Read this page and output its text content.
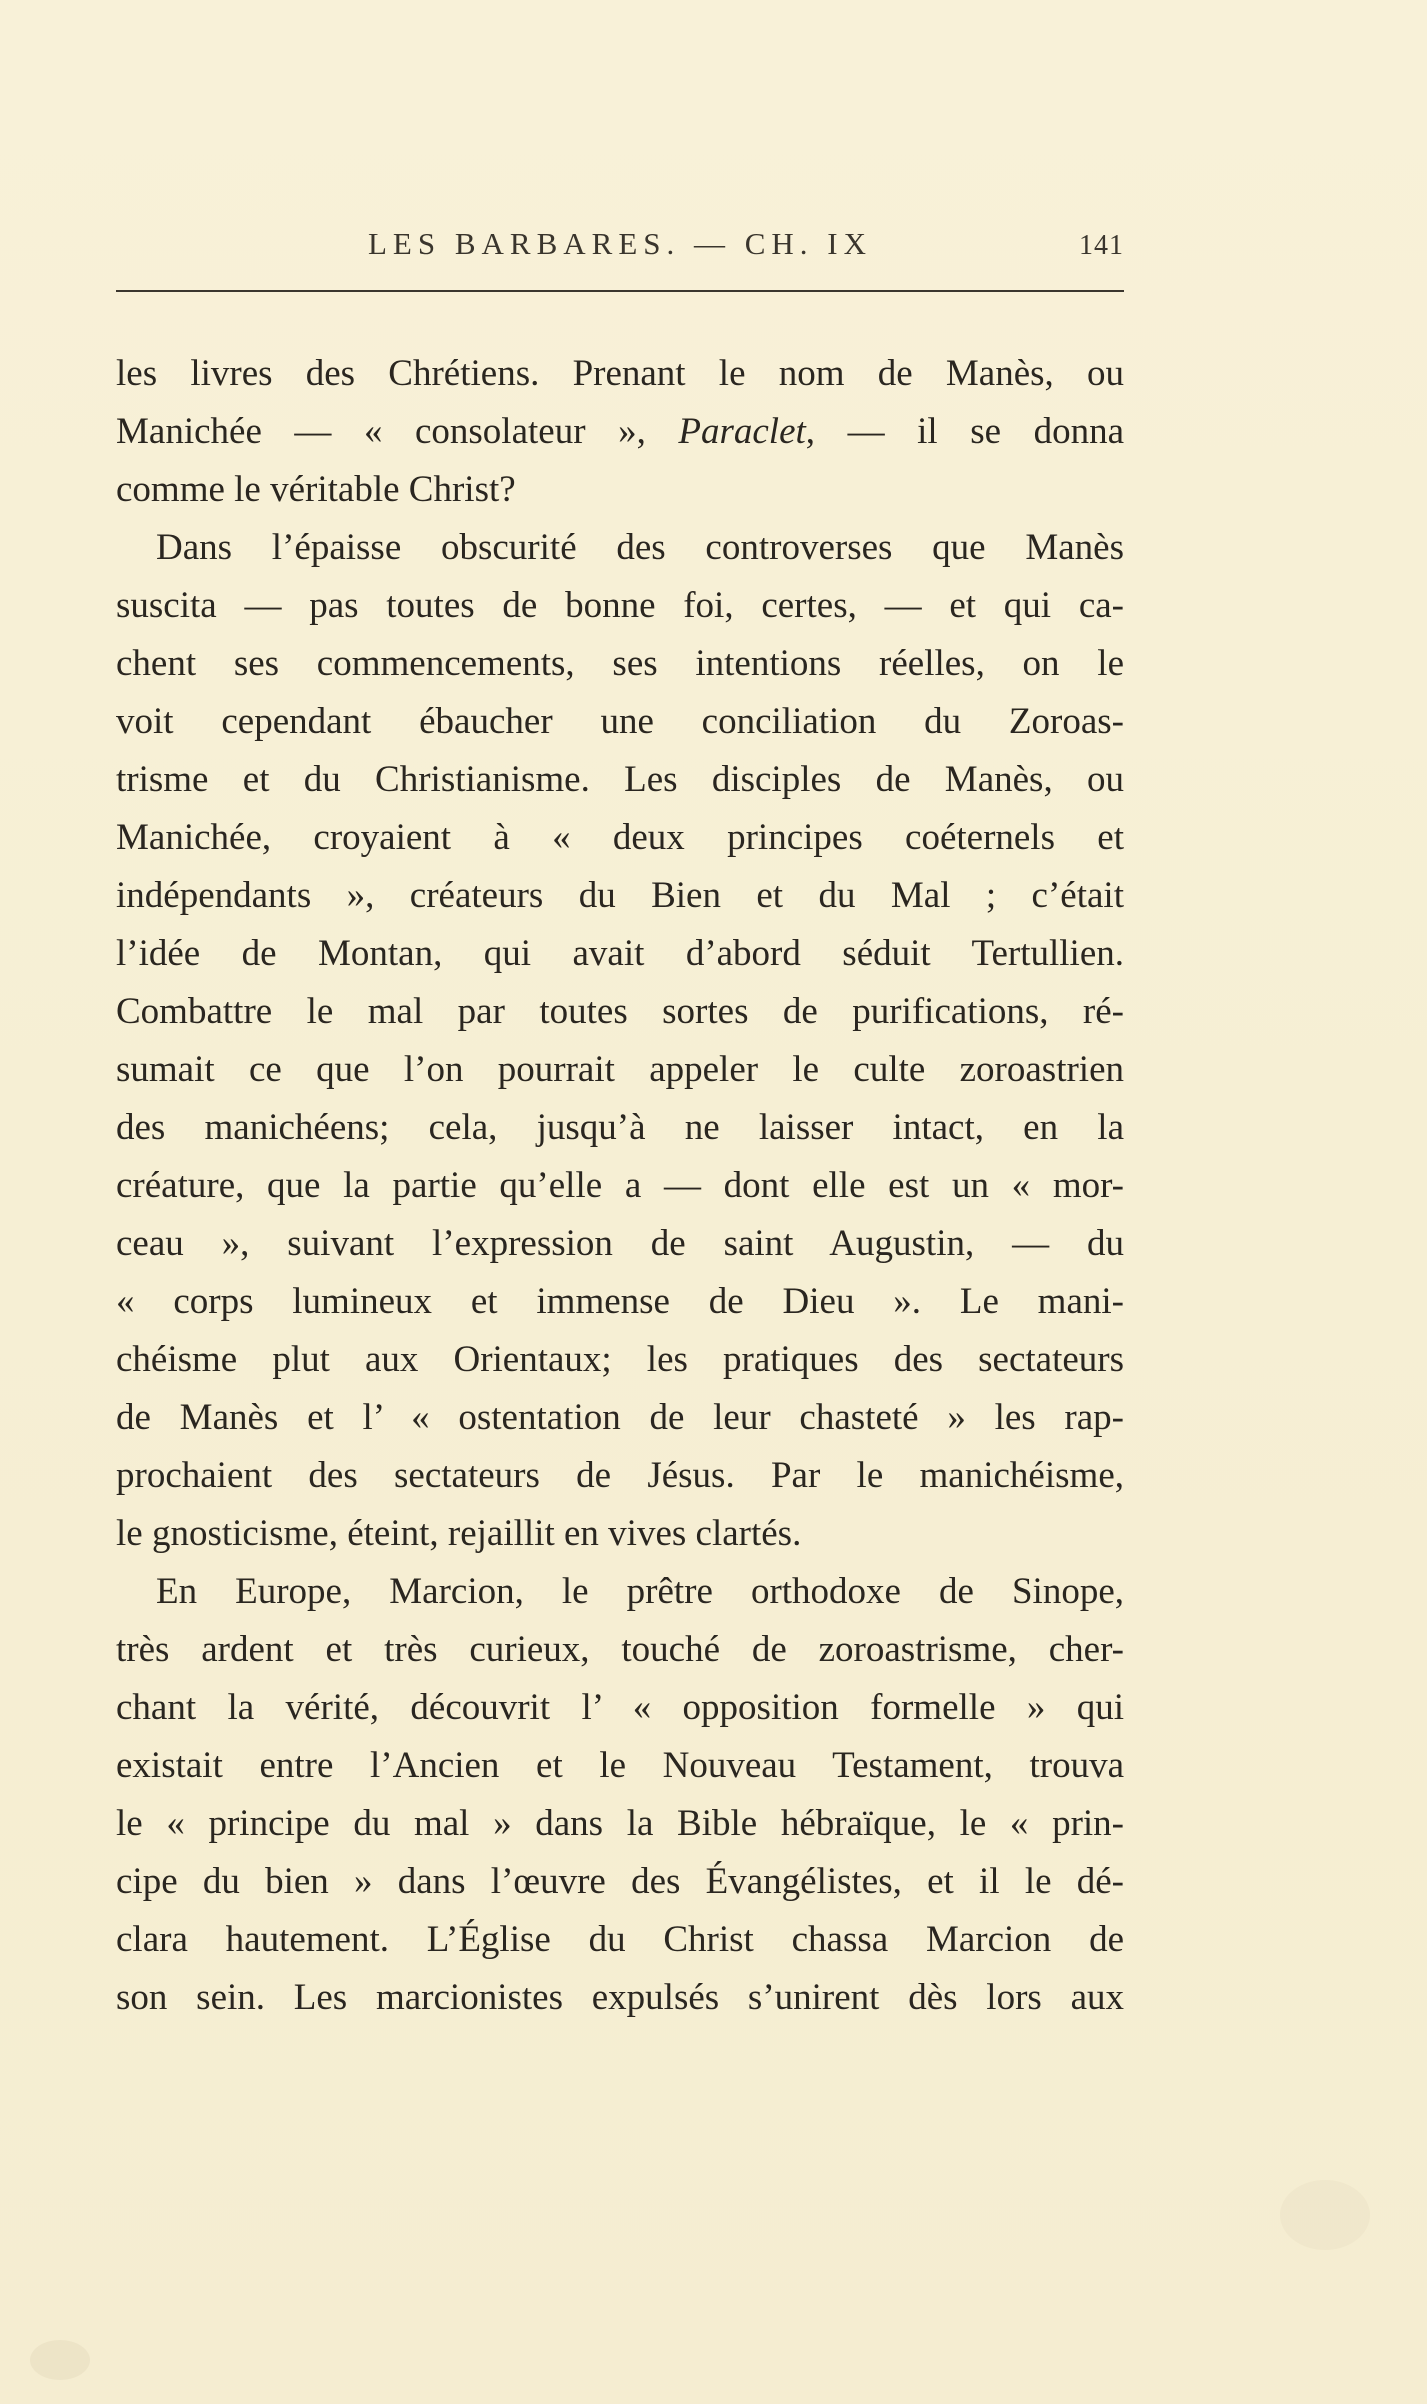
LES BARBARES. — CH. IX	141
les livres des Chrétiens. Prenant le nom de Manès, ou
Manichée — « consolateur », Paraclet, — il se donna
comme le véritable Christ?
Dans l’épaisse obscurité des controverses que Manès
suscita — pas toutes de bonne foi, certes, — et qui ca-
chent ses commencements, ses intentions réelles, on le
voit cependant ébaucher une conciliation du Zoroas-
trisme et du Christianisme. Les disciples de Manès, ou
Manichée, croyaient à « deux principes coéternels et
indépendants », créateurs du Bien et du Mal ; c’était
l’idée de Montan, qui avait d’abord séduit Tertullien.
Combattre le mal par toutes sortes de purifications, ré-
sumait ce que l’on pourrait appeler le culte zoroastrien
des manichéens; cela, jusqu’à ne laisser intact, en la
créature, que la partie qu’elle a — dont elle est un « mor-
ceau », suivant l’expression de saint Augustin, — du
« corps lumineux et immense de Dieu ». Le mani-
chéisme plut aux Orientaux; les pratiques des sectateurs
de Manès et l’ « ostentation de leur chasteté » les rap-
prochaient des sectateurs de Jésus. Par le manichéisme,
le gnosticisme, éteint, rejaillit en vives clartés.
En Europe, Marcion, le prêtre orthodoxe de Sinope,
très ardent et très curieux, touché de zoroastrisme, cher-
chant la vérité, découvrit l’ « opposition formelle » qui
existait entre l’Ancien et le Nouveau Testament, trouva
le « principe du mal » dans la Bible hébraïque, le « prin-
cipe du bien » dans l’œuvre des Évangélistes, et il le dé-
clara hautement. L’Église du Christ chassa Marcion de
son sein. Les marcionistes expulsés s’unirent dès lors aux
